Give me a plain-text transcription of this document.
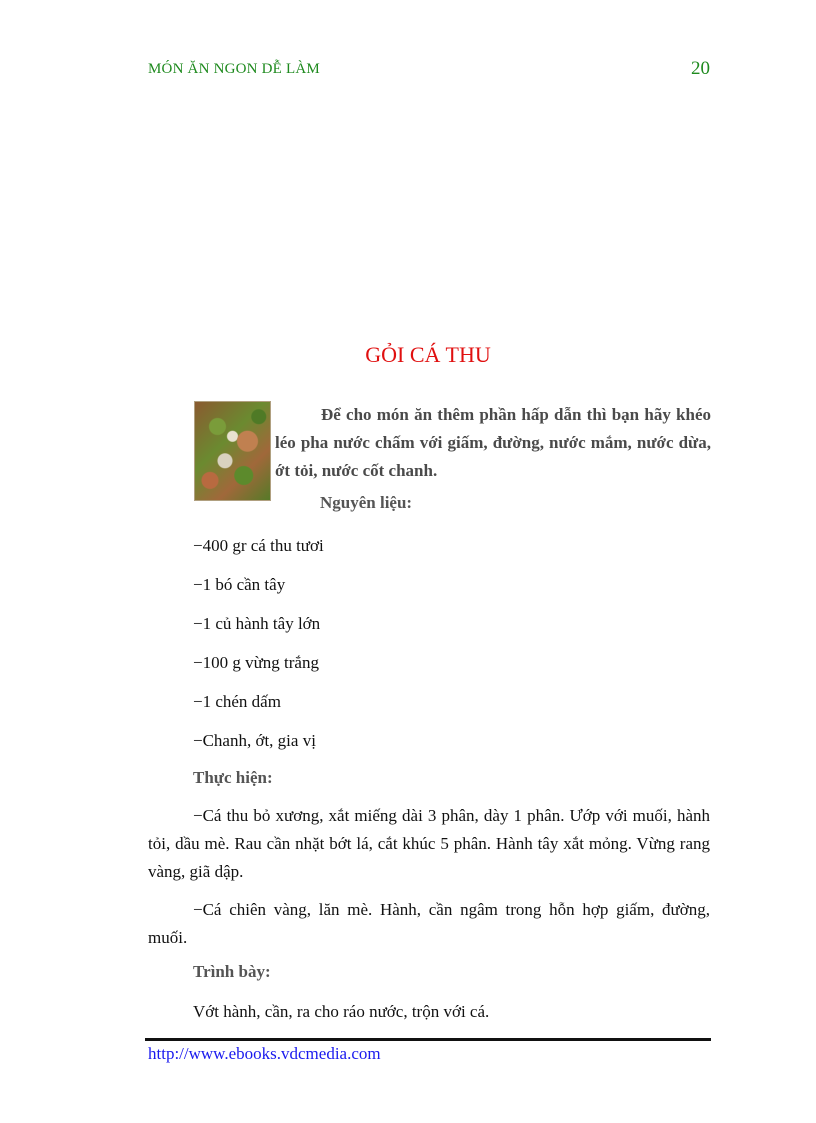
MÓN ĂN NGON DỄ LÀM	20
GỎI CÁ THU

Để cho món ăn thêm phần hấp dẫn thì bạn hãy khéo léo pha nước chấm với giấm, đường, nước mắm, nước dừa, ớt tỏi, nước cốt chanh.

Nguyên liệu:
−400 gr cá thu tươi
−1 bó cần tây
−1 củ hành tây lớn
−100 g vừng trắng
−1 chén dấm
−Chanh, ớt, gia vị
Thực hiện:

−Cá thu bỏ xương, xắt miếng dài 3 phân, dày 1 phân. Ướp với muối, hành tỏi, dầu mè. Rau cần nhặt bớt lá, cắt khúc 5 phân. Hành tây xắt mỏng. Vừng rang vàng, giã dập.

−Cá chiên vàng, lăn mè. Hành, cần ngâm trong hỗn hợp giấm, đường, muối.

Trình bày:
Vớt hành, cần, ra cho ráo nước, trộn với cá.
http://www.ebooks.vdcmedia.com
